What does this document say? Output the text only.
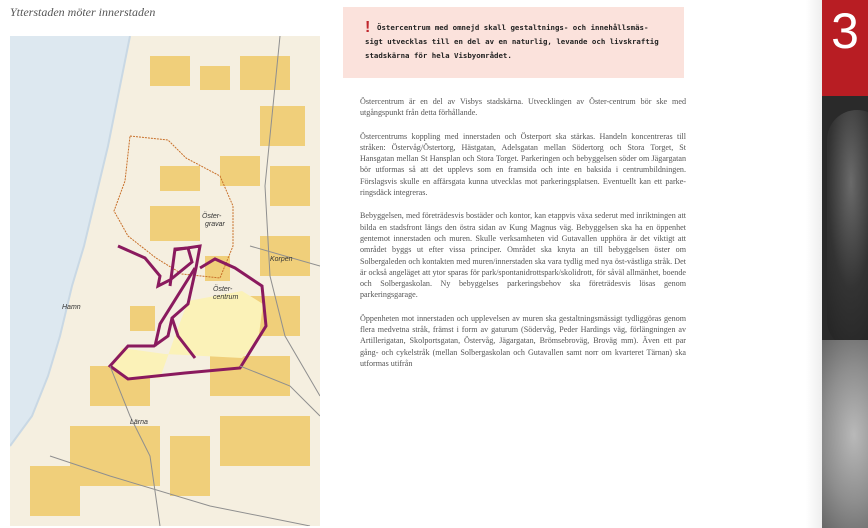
Ytterstaden möter innerstaden
Öster-gravar
Korpen
Öster-centrum
Hamn
Lärna
! Östercentrum med omnejd skall gestaltnings- och innehållsmäs-sigt utvecklas till en del av en naturlig, levande och livskraftig stadskärna för hela Visbyområdet.

Östercentrum är en del av Visbys stadskärna. Utvecklingen av Öster-centrum bör ske med utgångspunkt från detta förhållande.

Östercentrums koppling med innerstaden och Österport ska stärkas. Handeln koncentreras till stråken: Östervåg/Östertorg, Hästgatan, Adelsgatan mellan Södertorg och Stora Torget, St Hansgatan mellan St Hansplan och Stora Torget. Parkeringen och bebyggelsen söder om Jägargatan bör utformas så att det upplevs som en framsida och inte en baksida i centrumbildningen. Förslagsvis skulle en affärsgata kunna utvecklas mot parkeringsplatsen. Eventuellt kan ett parke-ringsdäck integreras.

Bebyggelsen, med företrädesvis bostäder och kontor, kan etappvis växa sederut med inriktningen att bilda en stadsfront längs den östra sidan av Kung Magnus väg. Bebyggelsen ska ha en öppenhet gentemot innerstaden och muren. Skulle verksamheten vid Gutavallen upphöra är det viktigt att området byggs ut efter vissa principer. Området ska knyta an till bebyggelsen öster om Solbergaleden och kontakten med muren/innerstaden ska vara tydlig med nya öst-västliga stråk. Det är också angeläget att ytor sparas för park/spontanidrottspark/skolidrott, för såväl allmänhet, boende och Solbergaskolan. Ny bebyggelses parkeringsbehov ska företrädesvis lösas genom parkeringsgarage.

Öppenheten mot innerstaden och upplevelsen av muren ska gestaltningsmässigt tydliggöras genom flera medvetna stråk, främst i form av gaturum (Södervåg, Peder Hardings väg, förlängningen av Artillerigatan, Skolportsgatan, Östervåg, Jägargatan, Brömsebroväg, Broväg mm). Även ett par gång- och cykelstråk (mellan Solbergaskolan och Gutavallen samt norr om kvarteret Tärnan) ska utformas utifrån

3
